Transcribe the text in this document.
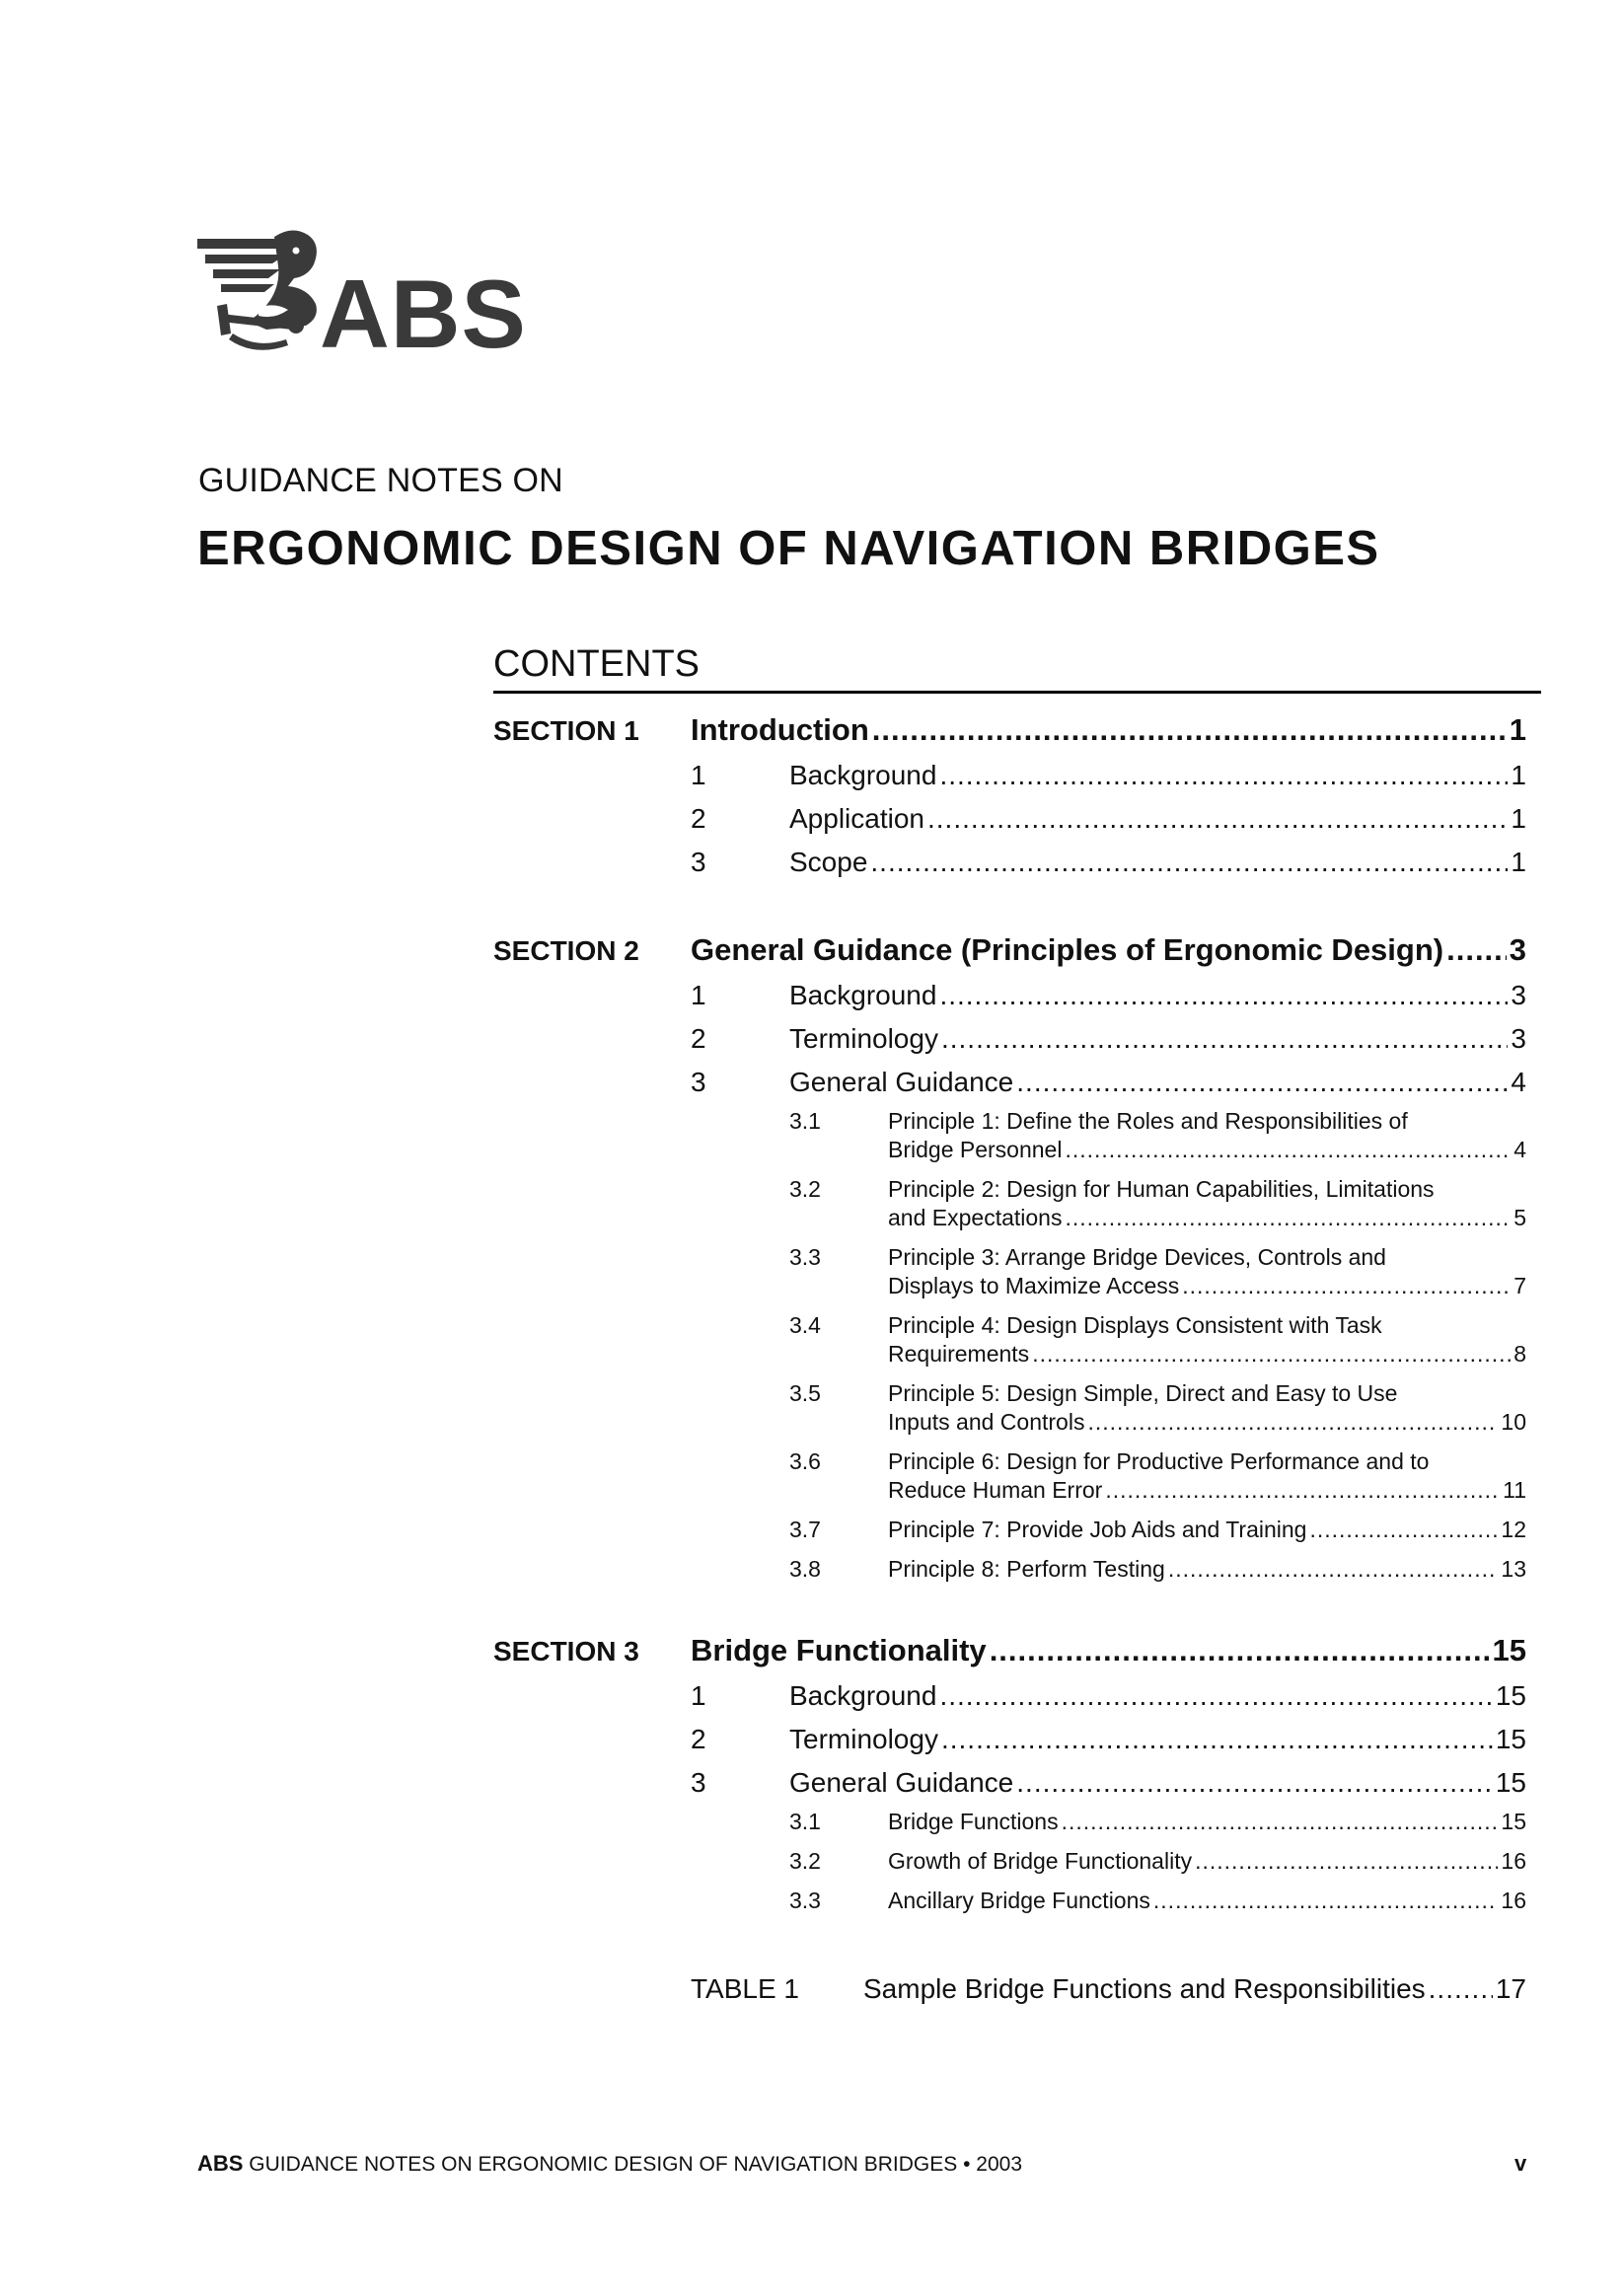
ABS
GUIDANCE NOTES ON
ERGONOMIC DESIGN OF NAVIGATION BRIDGES
CONTENTS
SECTION 1 Introduction .....	1
1	Background .....	1
2	Application .....	1
3	Scope .....	1
SECTION 2 General Guidance (Principles of Ergonomic Design) ..... 3
1	Background .....	3
2	Terminology .....	3
3	General Guidance .....	4
3.1	Principle 1: Define the Roles and Responsibilities of
Bridge Personnel .....	4
3.2	Principle 2: Design for Human Capabilities, Limitations
and Expectations .....	5
3.3	Principle 3: Arrange Bridge Devices, Controls and
Displays to Maximize Access .....	7
3.4	Principle 4: Design Displays Consistent with Task
Requirements .....	8
3.5	Principle 5: Design Simple, Direct and Easy to Use
Inputs and Controls .....	10
3.6	Principle 6: Design for Productive Performance and to
Reduce Human Error .....	11
3.7	Principle 7: Provide Job Aids and Training .....	12
3.8	Principle 8: Perform Testing .....	13
SECTION 3 Bridge Functionality .....	15
1	Background .....	15
2	Terminology .....	15
3	General Guidance .....	15
3.1	Bridge Functions .....	15
3.2	Growth of Bridge Functionality .....	16
3.3	Ancillary Bridge Functions .....	16
TABLE 1 Sample Bridge Functions and Responsibilities .....	17
ABS GUIDANCE NOTES ON ERGONOMIC DESIGN OF NAVIGATION BRIDGES • 2003	v
